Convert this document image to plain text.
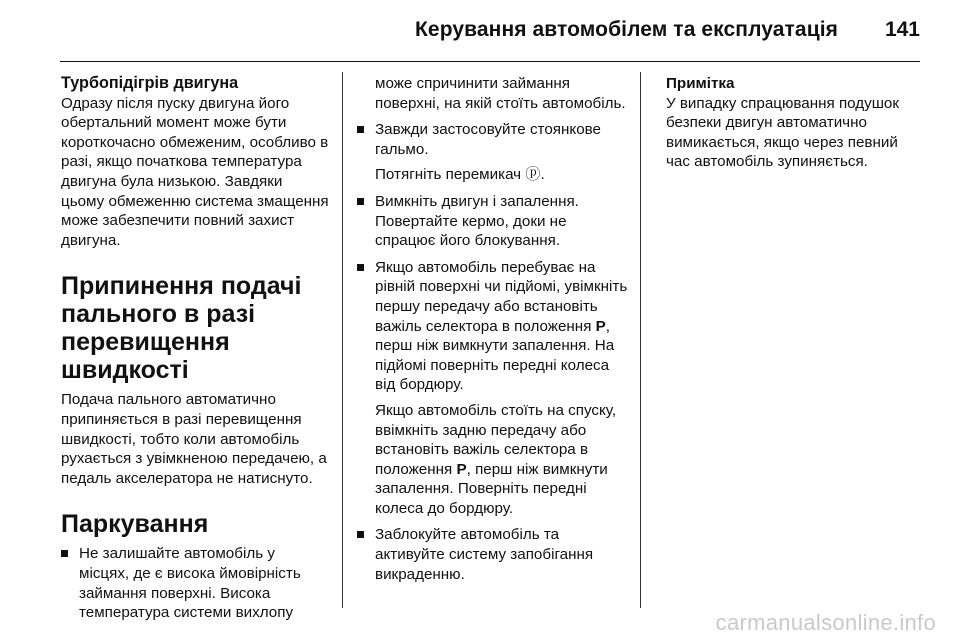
Керування автомобілем та експлуатація 141
Турбопідігрів двигуна

Одразу після пуску двигуна його обертальний момент може бути короткочасно обмеженим, особливо в разі, якщо початкова температура двигуна була низькою. Завдяки цьому обмеженню система змащення може забезпечити повний захист двигуна.

Припинення подачі пального в разі перевищення швидкості

Подача пального автоматично припиняється в разі перевищення швидкості, тобто коли автомобіль рухається з увімкненою передачею, а педаль акселератора не натиснуто.

Паркування
Не залишайте автомобіль у місцях, де є висока ймовірність займання поверхні. Висока температура системи вихлопу
може спричинити займання поверхні, на якій стоїть автомобіль.
Завжди застосовуйте стоянкове гальмо.
Потягніть перемикач ⓟ.
Вимкніть двигун і запалення. Повертайте кермо, доки не спрацює його блокування.
Якщо автомобіль перебуває на рівній поверхні чи підйомі, увімкніть першу передачу або встановіть важіль селектора в положення P, перш ніж вимкнути запалення. На підйомі поверніть передні колеса від бордюру.
Якщо автомобіль стоїть на спуску, ввімкніть задню передачу або встановіть важіль селектора в положення P, перш ніж вимкнути запалення. Поверніть передні колеса до бордюру.
Заблокуйте автомобіль та активуйте систему запобігання викраденню.
Примітка
У випадку спрацювання подушок безпеки двигун автоматично вимикається, якщо через певний час автомобіль зупиняється.
carmanualsonline.info
